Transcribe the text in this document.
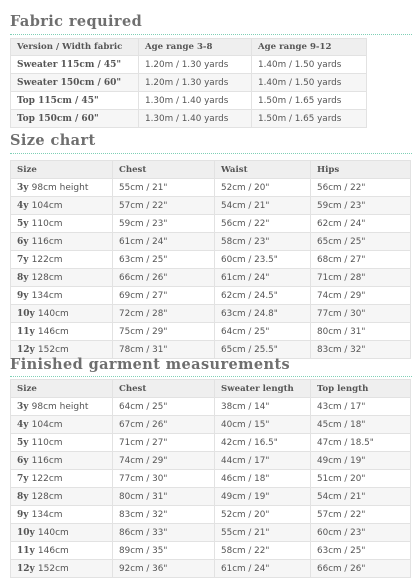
Fabric required
Version / Width fabric	Age range 3-8	Age range 9-12
Sweater 115cm / 45"	1.20m / 1.30 yards	1.40m / 1.50 yards
Sweater 150cm / 60"	1.20m / 1.30 yards	1.40m / 1.50 yards
Top 115cm / 45"	1.30m / 1.40 yards	1.50m / 1.65 yards
Top 150cm / 60"	1.30m / 1.40 yards	1.50m / 1.65 yards
Size chart
Size	Chest	Waist	Hips
3y 98cm height	55cm / 21"	52cm / 20"	56cm / 22"
4y 104cm	57cm / 22"	54cm / 21"	59cm / 23"
5y 110cm	59cm / 23"	56cm / 22"	62cm / 24"
6y 116cm	61cm / 24"	58cm / 23"	65cm / 25"
7y 122cm	63cm / 25"	60cm / 23.5"	68cm / 27"
8y 128cm	66cm / 26"	61cm / 24"	71cm / 28"
9y 134cm	69cm / 27"	62cm / 24.5"	74cm / 29"
10y 140cm	72cm / 28"	63cm / 24.8"	77cm / 30"
11y 146cm	75cm / 29"	64cm / 25"	80cm / 31"
12y 152cm	78cm / 31"	65cm / 25.5"	83cm / 32"
Finished garment measurements
Size	Chest	Sweater length	Top length
3y 98cm height	64cm / 25"	38cm / 14"	43cm / 17"
4y 104cm	67cm / 26"	40cm / 15"	45cm / 18"
5y 110cm	71cm / 27"	42cm / 16.5"	47cm / 18.5"
6y 116cm	74cm / 29"	44cm / 17"	49cm / 19"
7y 122cm	77cm / 30"	46cm / 18"	51cm / 20"
8y 128cm	80cm / 31"	49cm / 19"	54cm / 21"
9y 134cm	83cm / 32"	52cm / 20"	57cm / 22"
10y 140cm	86cm / 33"	55cm / 21"	60cm / 23"
11y 146cm	89cm / 35"	58cm / 22"	63cm / 25"
12y 152cm	92cm / 36"	61cm / 24"	66cm / 26"
